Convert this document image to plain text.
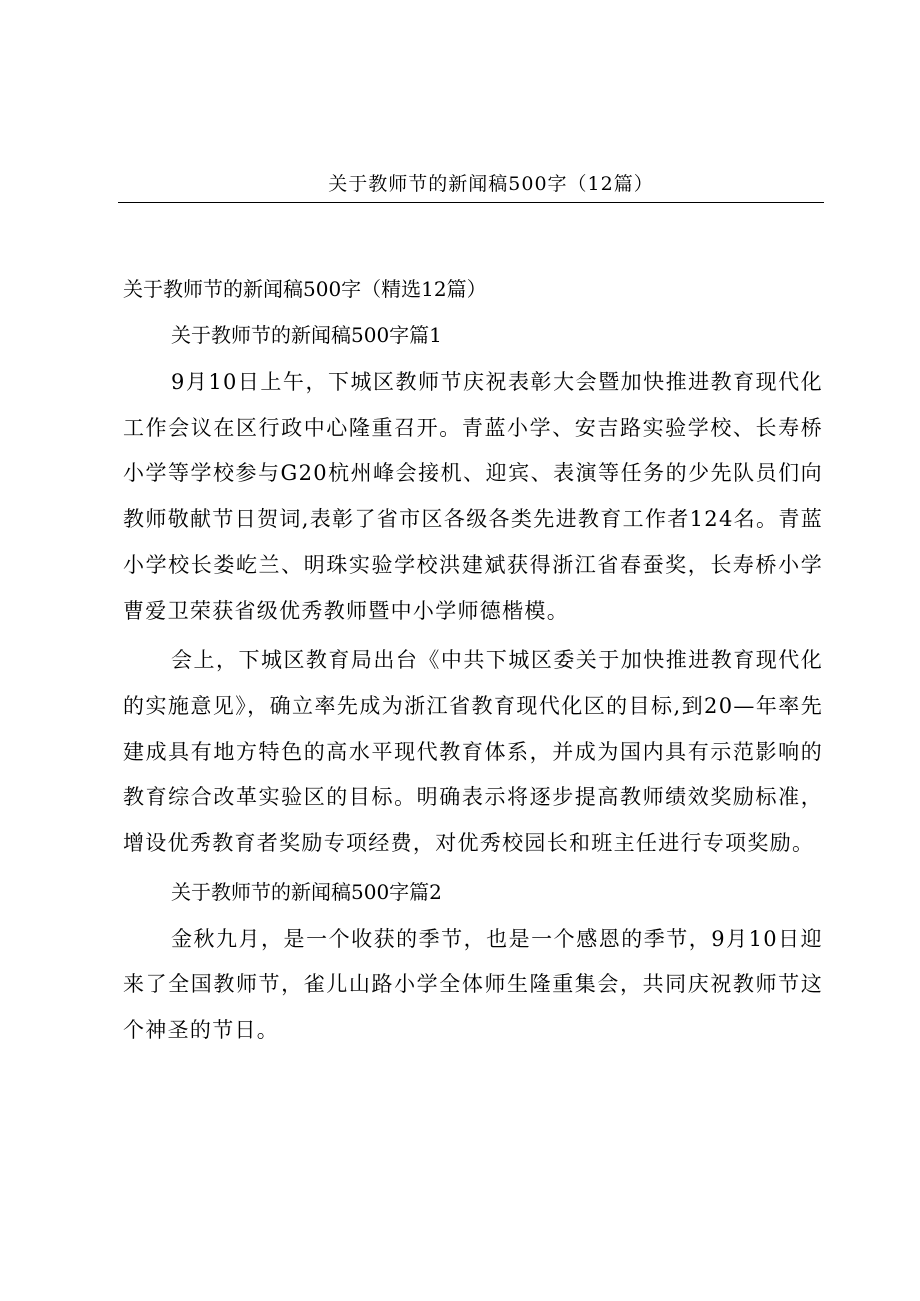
关于教师节的新闻稿500字（12篇）

关于教师节的新闻稿500字（精选12篇）

关于教师节的新闻稿500字篇1

9月10日上午，下城区教师节庆祝表彰大会暨加快推进教育现代化工作会议在区行政中心隆重召开。青蓝小学、安吉路实验学校、长寿桥小学等学校参与G20杭州峰会接机、迎宾、表演等任务的少先队员们向教师敬献节日贺词,表彰了省市区各级各类先进教育工作者124名。青蓝小学校长娄屹兰、明珠实验学校洪建斌获得浙江省春蚕奖，长寿桥小学曹爱卫荣获省级优秀教师暨中小学师德楷模。

会上，下城区教育局出台《中共下城区委关于加快推进教育现代化的实施意见》，确立率先成为浙江省教育现代化区的目标,到20—年率先建成具有地方特色的高水平现代教育体系，并成为国内具有示范影响的教育综合改革实验区的目标。明确表示将逐步提高教师绩效奖励标准，增设优秀教育者奖励专项经费，对优秀校园长和班主任进行专项奖励。

关于教师节的新闻稿500字篇2

金秋九月，是一个收获的季节，也是一个感恩的季节，9月10日迎来了全国教师节，雀儿山路小学全体师生隆重集会，共同庆祝教师节这个神圣的节日。
